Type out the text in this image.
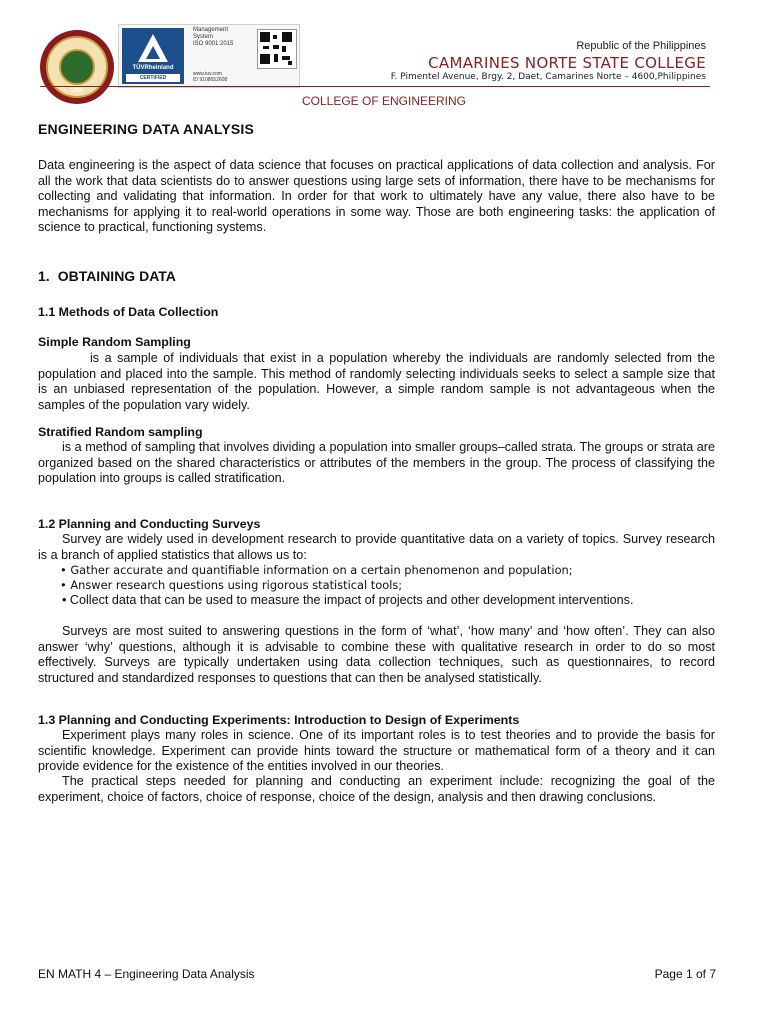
1992
TÜVRheinland
CERTIFIED
Management
System
ISO 9001:2015
www.tuv.com
ID 9108652608
Republic of the Philippines
CAMARINES NORTE STATE COLLEGE
F. Pimentel Avenue, Brgy. 2, Daet, Camarines Norte – 4600,Philippines
COLLEGE OF ENGINEERING
ENGINEERING DATA ANALYSIS

Data engineering is the aspect of data science that focuses on practical applications of data collection and analysis. For all the work that data scientists do to answer questions using large sets of information, there have to be mechanisms for collecting and validating that information. In order for that work to ultimately have any value, there also have to be mechanisms for applying it to real-world operations in some way. Those are both engineering tasks: the application of science to practical, functioning systems.

1. OBTAINING DATA
1.1 Methods of Data Collection
Simple Random Sampling

is a sample of individuals that exist in a population whereby the individuals are randomly selected from the population and placed into the sample. This method of randomly selecting individuals seeks to select a sample size that is an unbiased representation of the population. However, a simple random sample is not advantageous when the samples of the population vary widely.

Stratified Random sampling

is a method of sampling that involves dividing a population into smaller groups–called strata. The groups or strata are organized based on the shared characteristics or attributes of the members in the group. The process of classifying the population into groups is called stratification.

1.2 Planning and Conducting Surveys

Survey are widely used in development research to provide quantitative data on a variety of topics. Survey research is a branch of applied statistics that allows us to:

• Gather accurate and quantifiable information on a certain phenomenon and population;
• Answer research questions using rigorous statistical tools;

• Collect data that can be used to measure the impact of projects and other development interventions.

Surveys are most suited to answering questions in the form of ‘what’, ‘how many’ and ‘how often’. They can also answer ‘why’ questions, although it is advisable to combine these with qualitative research in order to do so most effectively. Surveys are typically undertaken using data collection techniques, such as questionnaires, to record structured and standardized responses to questions that can then be analysed statistically.

1.3 Planning and Conducting Experiments: Introduction to Design of Experiments

Experiment plays many roles in science. One of its important roles is to test theories and to provide the basis for scientific knowledge. Experiment can provide hints toward the structure or mathematical form of a theory and it can provide evidence for the existence of the entities involved in our theories.

The practical steps needed for planning and conducting an experiment include: recognizing the goal of the experiment, choice of factors, choice of response, choice of the design, analysis and then drawing conclusions.

EN MATH 4 – Engineering Data Analysis	Page 1 of 7
